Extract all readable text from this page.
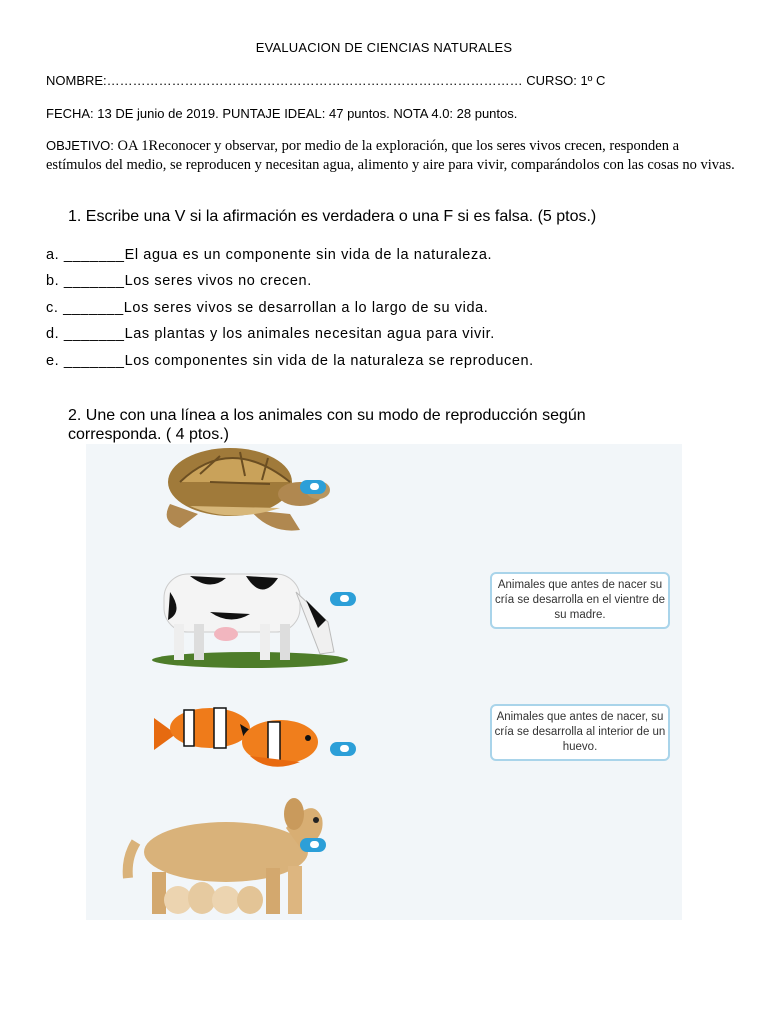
EVALUACION DE CIENCIAS NATURALES
NOMBRE:…………………………………………………………………………………… CURSO: 1º C
FECHA: 13 DE junio de 2019. PUNTAJE IDEAL: 47 puntos. NOTA 4.0: 28 puntos.
OBJETIVO: OA 1Reconocer y observar, por medio de la exploración, que los seres vivos crecen, responden a estímulos del medio, se reproducen y necesitan agua, alimento y aire para vivir, comparándolos con las cosas no vivas.
1. Escribe una V si la afirmación es verdadera o una F si es falsa. (5 ptos.)
a. _______El agua es un componente sin vida de la naturaleza.
b. _______Los seres vivos no crecen.
c. _______Los seres vivos se desarrollan a lo largo de su vida.
d. _______Las plantas y los animales necesitan agua para vivir.
e. _______Los componentes sin vida de la naturaleza se reproducen.
2. Une con una línea a los animales con su modo de reproducción según
corresponda. ( 4 ptos.)
Animales que antes de nacer su cría se desarrolla en el vientre de su madre.
Animales que antes de nacer, su cría se desarrolla al interior de un huevo.
